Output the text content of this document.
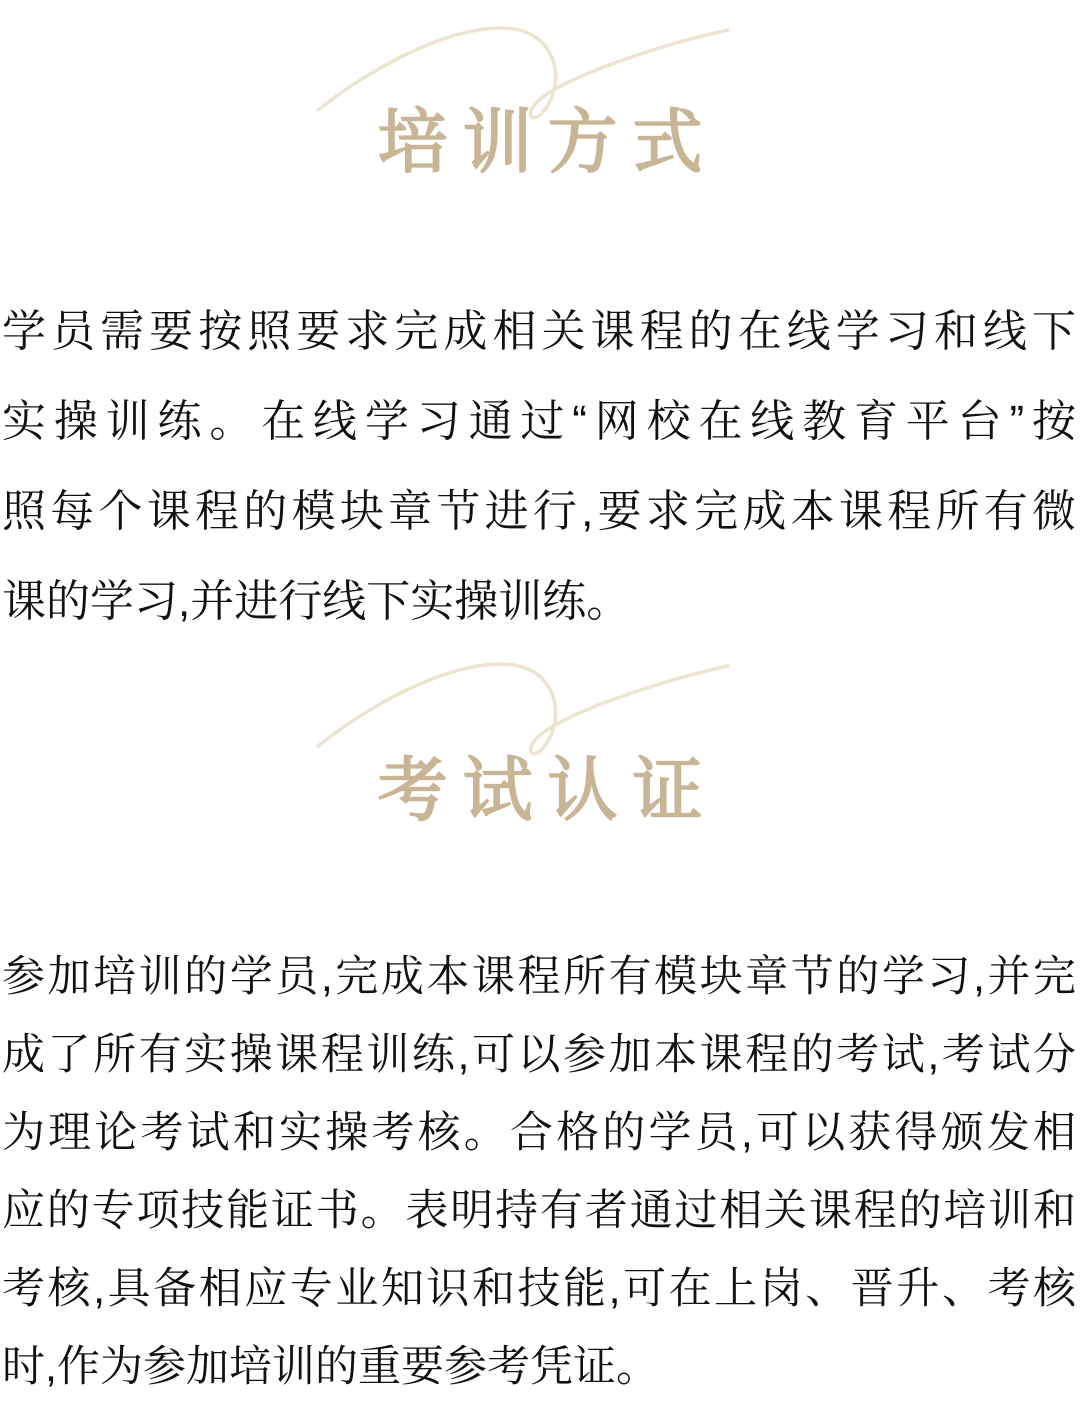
培训方式
学员需要按照要求完成相关课程的在线学习和线下
实操训练。在线学习通过“网校在线教育平台”按
照每个课程的模块章节进行,要求完成本课程所有微
课的学习,并进行线下实操训练。
考试认证
参加培训的学员,完成本课程所有模块章节的学习,并完
成了所有实操课程训练,可以参加本课程的考试,考试分
为理论考试和实操考核。合格的学员,可以获得颁发相
应的专项技能证书。表明持有者通过相关课程的培训和
考核,具备相应专业知识和技能,可在上岗、晋升、考核
时,作为参加培训的重要参考凭证。
